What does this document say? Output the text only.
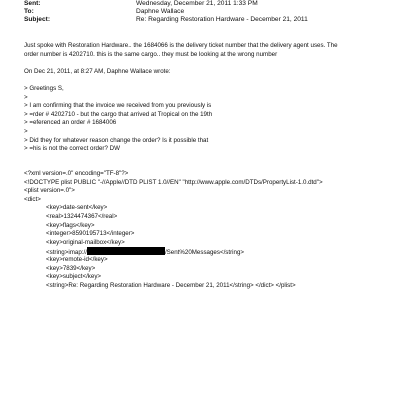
Sent:	Wednesday, December 21, 2011 1:33 PM
To:	Daphne Wallace
Subject:	Re: Regarding Restoration Hardware - December 21, 2011
Just spoke with Restoration Hardware.. the 1684066 is the delivery ticket number that the delivery agent uses. The
order number is 4202710. this is the same cargo.. they must be looking at the wrong number
On Dec 21, 2011, at 8:27 AM, Daphne Wallace wrote:
> Greetings S,
>
> I am confirming that the invoice we received from you previously is
> =rder # 4202710 - but the cargo that arrived at Tropical on the 19th
> =eferenced an order # 1684006
>
> Did they for whatever reason change the order? Is it possible that
> =his is not the correct order? DW
<?xml version=.0" encoding="TF-8"?>
<!DOCTYPE plist PUBLIC "-//Apple//DTD PLIST 1.0//EN" "http://www.apple.com/DTDs/PropertyList-1.0.dtd">
<plist version=.0">
<dict>
<key>date-sent</key>
<real>1324474367</real>
<key>flags</key>
<integer>8590195713</integer>
<key>original-mailbox</key>
<string>imap://	/Sent%20Messages</string>
<key>remote-id</key>
<key>7839</key>
<key>subject</key>
<string>Re: Regarding Restoration Hardware - December 21, 2011</string> </dict> </plist>
